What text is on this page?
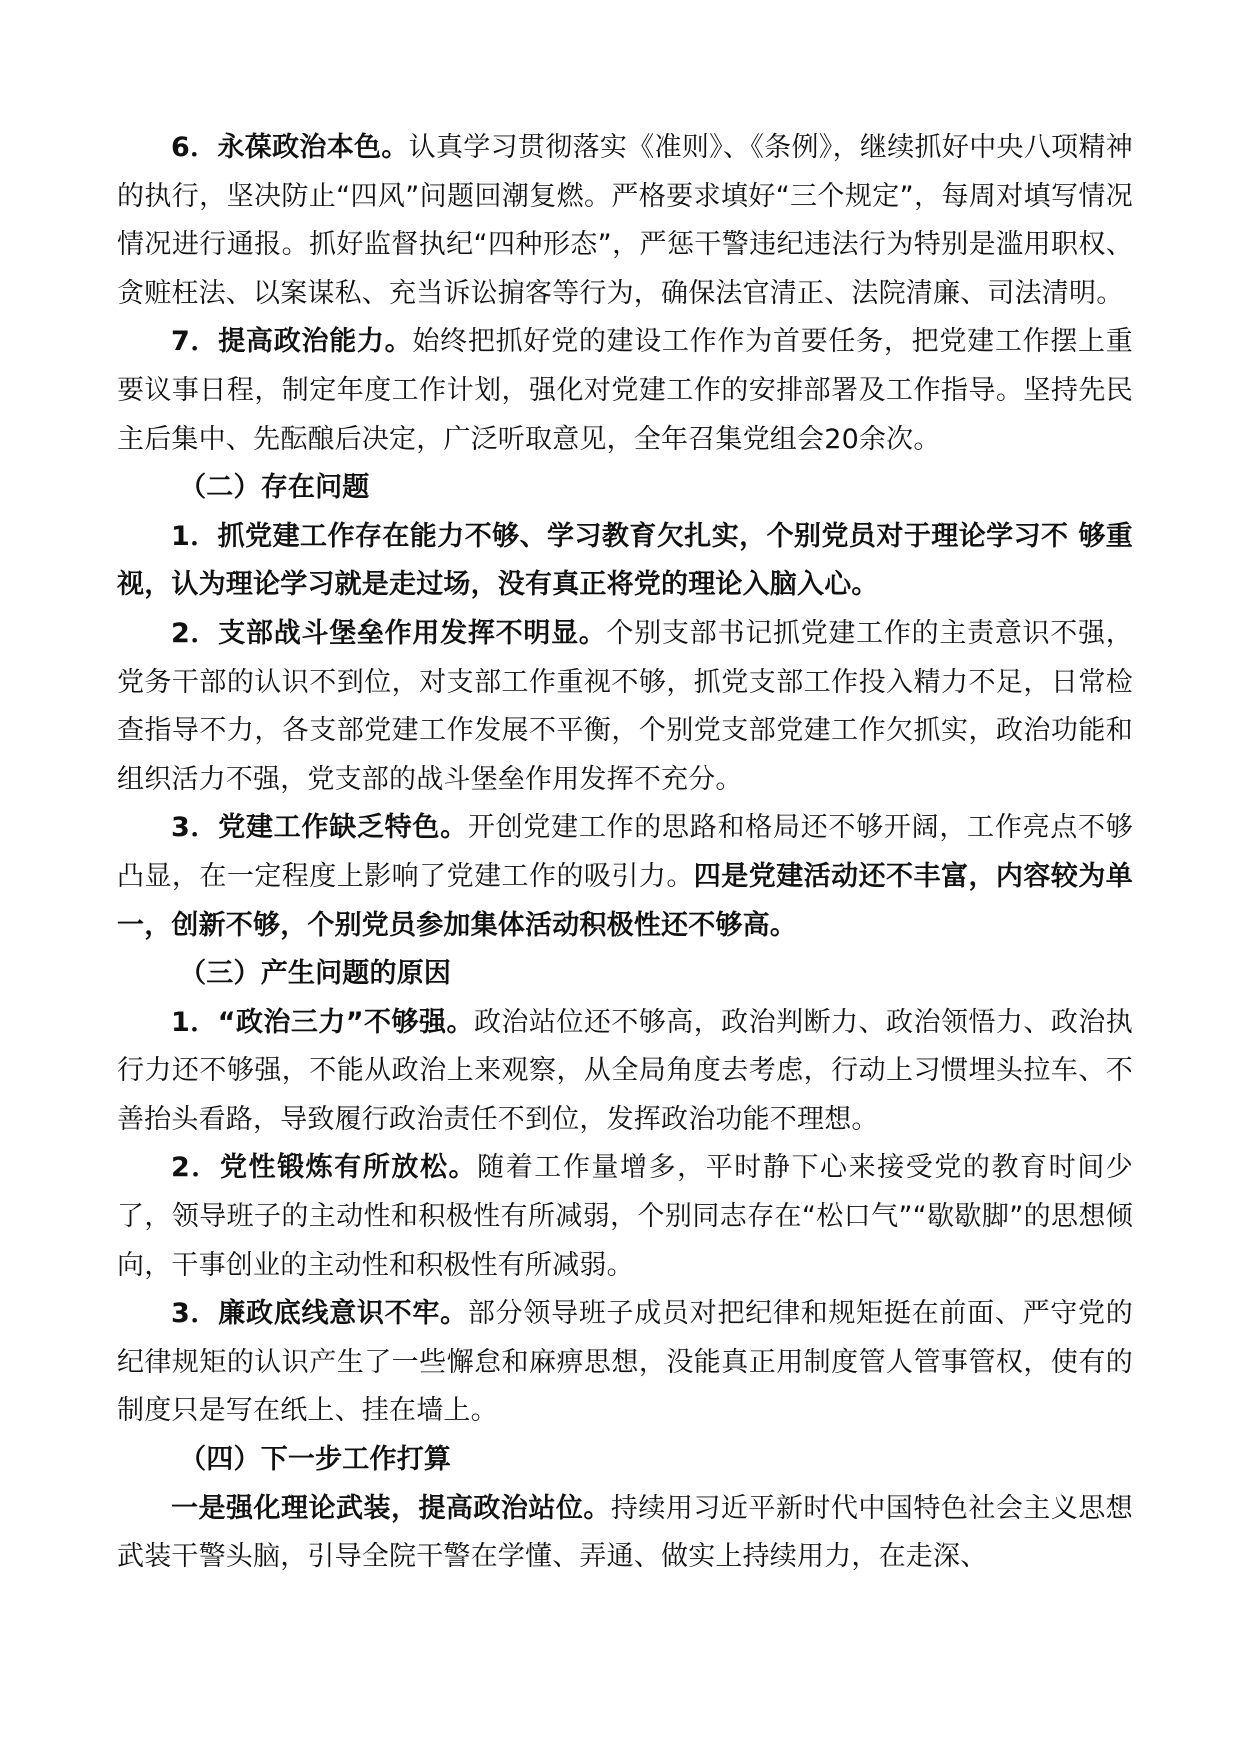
6．永葆政治本色。认真学习贯彻落实《准则》、《条例》，继续抓好中央八项精神的执行，坚决防止“四风”问题回潮复燃。严格要求填好“三个规定”，每周对填写情况情况进行通报。抓好监督执纪“四种形态”，严惩干警违纪违法行为特别是滥用职权、贪赃枉法、以案谋私、充当诉讼掮客等行为，确保法官清正、法院清廉、司法清明。

7．提高政治能力。始终把抓好党的建设工作作为首要任务，把党建工作摆上重要议事日程，制定年度工作计划，强化对党建工作的安排部署及工作指导。坚持先民主后集中、先酝酿后决定，广泛听取意见，全年召集党组会20余次。

（二）存在问题

1．抓党建工作存在能力不够、学习教育欠扎实，个别党员对于理论学习不 够重视，认为理论学习就是走过场，没有真正将党的理论入脑入心。

2．支部战斗堡垒作用发挥不明显。个别支部书记抓党建工作的主责意识不强，党务干部的认识不到位，对支部工作重视不够，抓党支部工作投入精力不足，日常检查指导不力，各支部党建工作发展不平衡，个别党支部党建工作欠抓实，政治功能和组织活力不强，党支部的战斗堡垒作用发挥不充分。

3．党建工作缺乏特色。开创党建工作的思路和格局还不够开阔，工作亮点不够凸显，在一定程度上影响了党建工作的吸引力。四是党建活动还不丰富，内容较为单一，创新不够，个别党员参加集体活动积极性还不够高。

（三）产生问题的原因

1．“政治三力”不够强。政治站位还不够高，政治判断力、政治领悟力、政治执行力还不够强，不能从政治上来观察，从全局角度去考虑，行动上习惯埋头拉车、不善抬头看路，导致履行政治责任不到位，发挥政治功能不理想。

2．党性锻炼有所放松。随着工作量增多，平时静下心来接受党的教育时间少了，领导班子的主动性和积极性有所减弱，个别同志存在“松口气”“歇歇脚”的思想倾向，干事创业的主动性和积极性有所减弱。

3．廉政底线意识不牢。部分领导班子成员对把纪律和规矩挺在前面、严守党的纪律规矩的认识产生了一些懈怠和麻痹思想，没能真正用制度管人管事管权，使有的制度只是写在纸上、挂在墙上。

（四）下一步工作打算

一是强化理论武装，提高政治站位。持续用习近平新时代中国特色社会主义思想武装干警头脑，引导全院干警在学懂、弄通、做实上持续用力，在走深、
